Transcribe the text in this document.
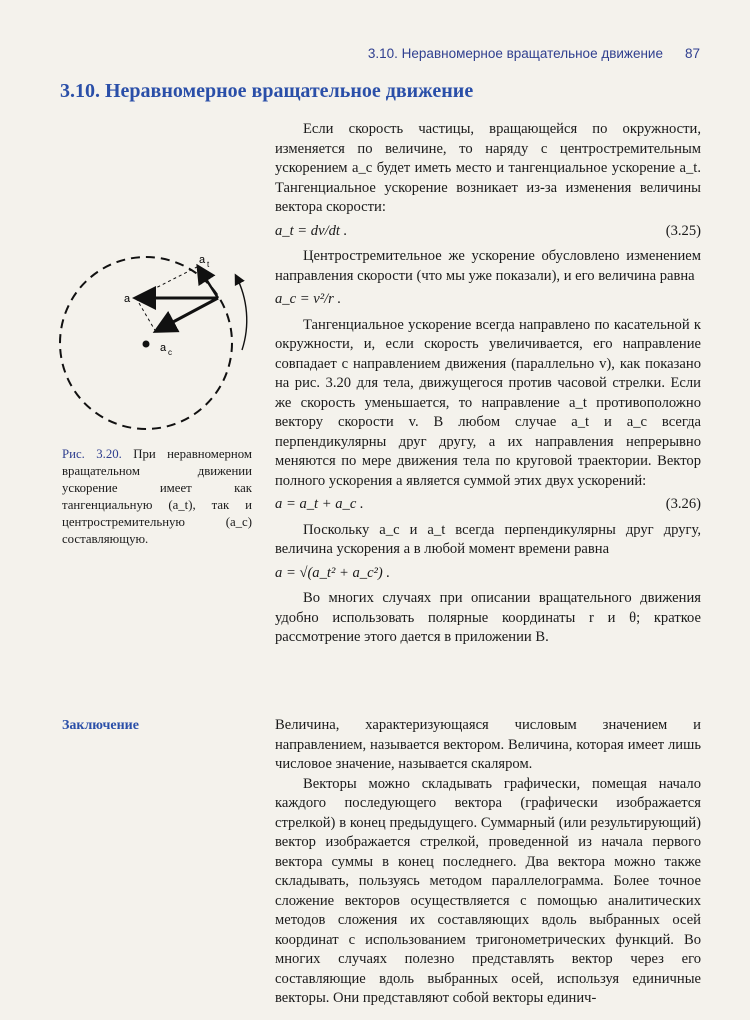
3.10. Неравномерное вращательное движение 87
3.10. Неравномерное вращательное движение
a
a t
a c
Рис. 3.20. При неравномерном вращательном движении ускорение имеет как тангенциальную (a_t), так и центростремительную (a_c) составляющую.

Если скорость частицы, вращающейся по окружности, изменяется по величине, то наряду с центростремительным ускорением a_c будет иметь место и тангенциальное ускорение a_t. Тангенциальное ускорение возникает из-за изменения величины вектора скорости:

a_t = dv/dt .	(3.25)

Центростремительное же ускорение обусловлено изменением направления скорости (что мы уже показали), и его величина равна

a_c = v²/r .

Тангенциальное ускорение всегда направлено по касательной к окружности, и, если скорость увеличивается, его направление совпадает с направлением движения (параллельно v), как показано на рис. 3.20 для тела, движущегося против часовой стрелки. Если же скорость уменьшается, то направление a_t противоположно вектору скорости v. В любом случае a_t и a_c всегда перпендикулярны друг другу, а их направления непрерывно меняются по мере движения тела по круговой траектории. Вектор полного ускорения a является суммой этих двух ускорений:

a = a_t + a_c .	(3.26)

Поскольку a_c и a_t всегда перпендикулярны друг другу, величина ускорения a в любой момент времени равна

a = √(a_t² + a_c²) .

Во многих случаях при описании вращательного движения удобно использовать полярные координаты r и θ; краткое рассмотрение этого дается в приложении В.

Заключение	Величина, характеризующаяся числовым значением и направлением, называется вектором. Величина, которая имеет лишь числовое значение, называется скаляром.

Векторы можно складывать графически, помещая начало каждого последующего вектора (графически изображается стрелкой) в конец предыдущего. Суммарный (или результирующий) вектор изображается стрелкой, проведенной из начала первого вектора суммы в конец последнего. Два вектора можно также складывать, пользуясь методом параллелограмма. Более точное сложение векторов осуществляется с помощью аналитических методов сложения их составляющих вдоль выбранных осей координат с использованием тригонометрических функций. Во многих случаях полезно представлять вектор через его составляющие вдоль выбранных осей, используя единичные векторы. Они представляют собой векторы единич-
